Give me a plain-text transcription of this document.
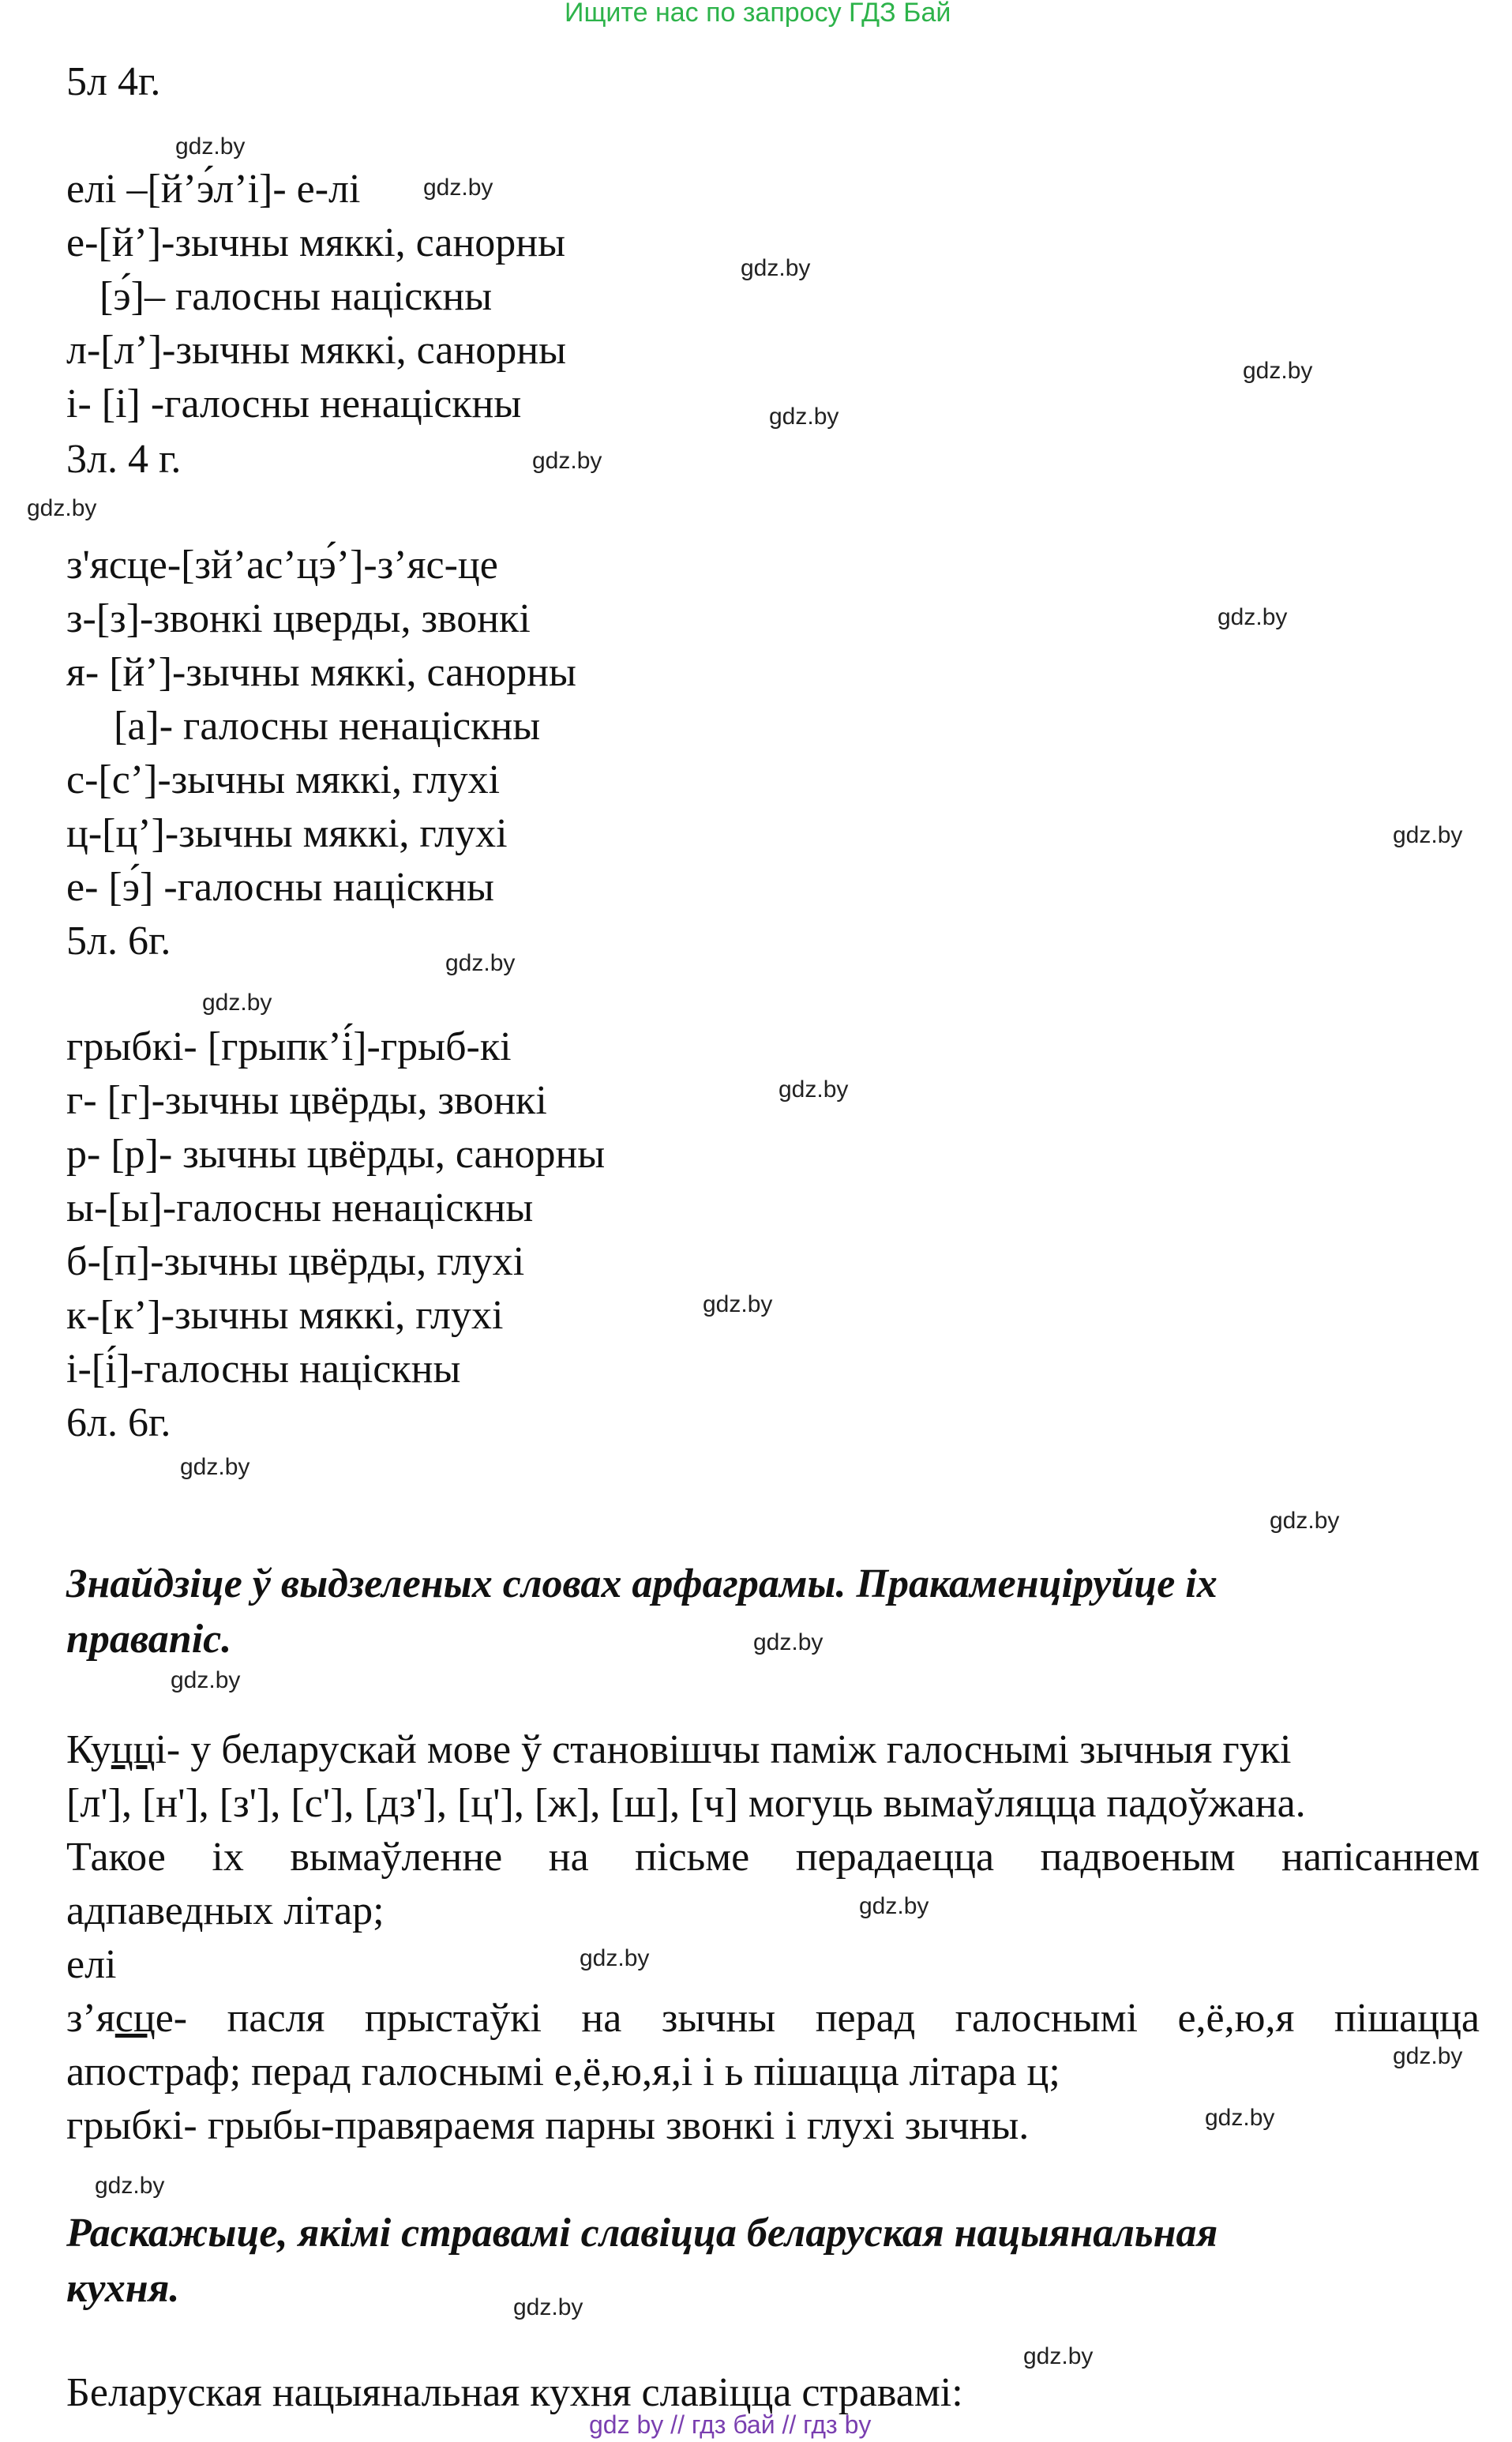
Ищите нас по запросу ГДЗ Бай
5л 4г.
елі –[й’э́л’і]- е-лі
е-[й’]-зычны мяккі, санорны
[э́]– галосны націскны
л-[л’]-зычны мяккі, санорны
і- [і] -галосны ненаціскны
3л. 4 г.
з'ясце-[зй’ас’цэ́’]-з’яс-це
з-[з]-звонкі цверды, звонкі
я- [й’]-зычны мяккі, санорны
[а]- галосны ненаціскны
с-[с’]-зычны мяккі, глухі
ц-[ц’]-зычны мяккі, глухі
е- [э́] -галосны націскны
5л. 6г.
грыбкі- [грыпк’і́]-грыб-кі
г- [г]-зычны цвёрды, звонкі
р- [р]- зычны цвёрды, санорны
ы-[ы]-галосны ненаціскны
б-[п]-зычны цвёрды, глухі
к-[к’]-зычны мяккі, глухі
і-[і́]-галосны націскны
6л. 6г.
Знайдзіце ў выдзеленых словах арфаграмы. Пракаменціруйце іх
правапіс.
Куцці- у беларускай мове ў становішчы паміж галоснымі зычныя гукі
[л'], [н'], [з'], [с'], [дз'], [ц'], [ж], [ш], [ч] могуць вымаўляцца падоўжана.
Такое іх вымаўленне на пісьме перадаецца падвоеным напісаннем
адпаведных літар;
елі
з’ясце- пасля прыстаўкі на зычны перад галоснымі е,ё,ю,я пішацца
апостраф; перад галоснымі е,ё,ю,я,і і ь пішацца літара ц;
грыбкі- грыбы-правяраемя парны звонкі і глухі зычны.
Раскажыце, якімі стравамі славіцца беларуская нацыянальная
кухня.
Беларуская нацыянальная кухня славіцца стравамі:
gdz.by
gdz.by
gdz.by
gdz.by
gdz.by
gdz.by
gdz.by
gdz.by
gdz.by
gdz.by
gdz.by
gdz.by
gdz.by
gdz.by
gdz.by
gdz.by
gdz.by
gdz.by
gdz.by
gdz.by
gdz.by
gdz.by
gdz.by
gdz.by
gdz by // гдз бай // гдз by
